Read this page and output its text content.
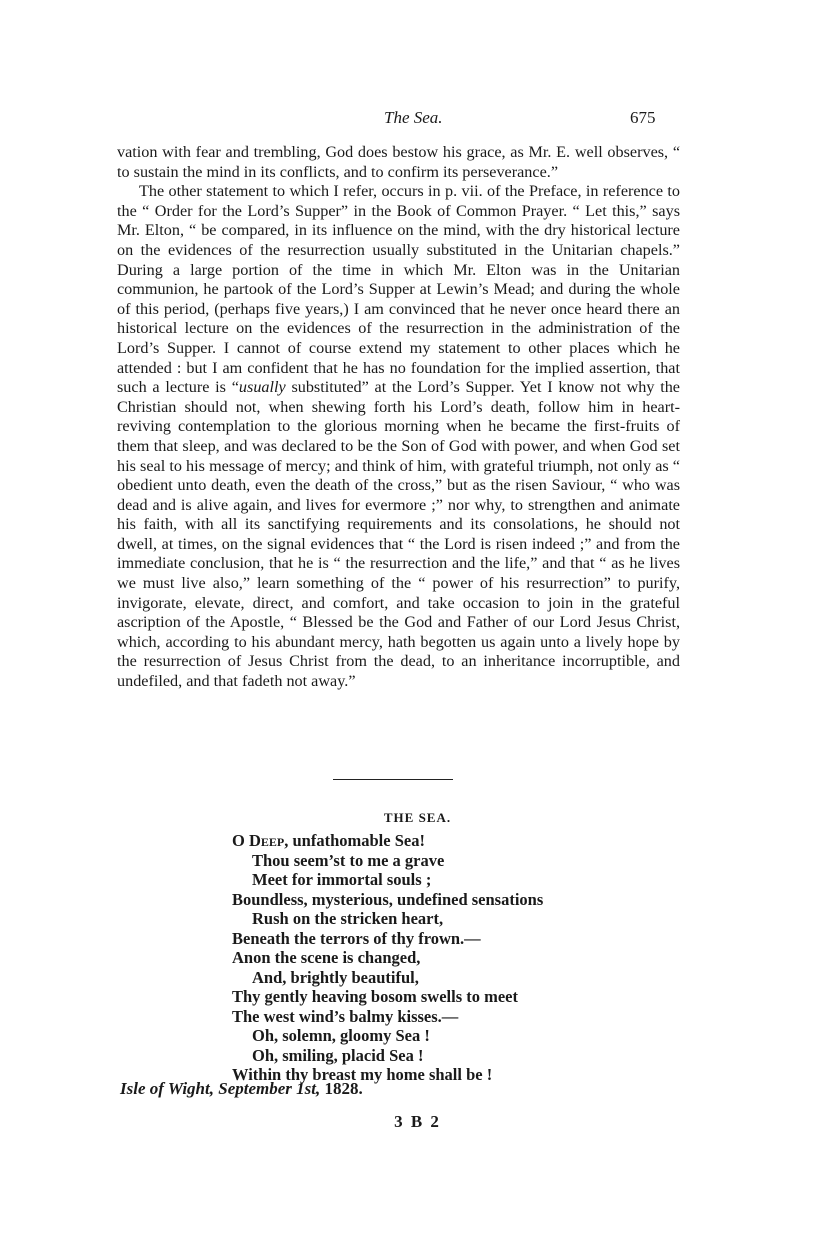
The Sea.	675

vation with fear and trembling, God does bestow his grace, as Mr. E. well observes, “ to sustain the mind in its conflicts, and to confirm its perseverance.”

The other statement to which I refer, occurs in p. vii. of the Preface, in reference to the “ Order for the Lord’s Supper” in the Book of Common Prayer. “ Let this,” says Mr. Elton, “ be compared, in its influence on the mind, with the dry historical lecture on the evidences of the resurrection usually substituted in the Unitarian chapels.” During a large portion of the time in which Mr. Elton was in the Unitarian communion, he partook of the Lord’s Supper at Lewin’s Mead; and during the whole of this period, (perhaps five years,) I am convinced that he never once heard there an historical lecture on the evidences of the resurrection in the administration of the Lord’s Supper. I cannot of course extend my statement to other places which he attended : but I am confident that he has no foundation for the implied assertion, that such a lecture is “usually substituted” at the Lord’s Supper. Yet I know not why the Christian should not, when shewing forth his Lord’s death, follow him in heart-reviving contemplation to the glorious morning when he became the first-fruits of them that sleep, and was declared to be the Son of God with power, and when God set his seal to his message of mercy; and think of him, with grateful triumph, not only as “ obedient unto death, even the death of the cross,” but as the risen Saviour, “ who was dead and is alive again, and lives for evermore ;” nor why, to strengthen and animate his faith, with all its sanctifying requirements and its consolations, he should not dwell, at times, on the signal evidences that “ the Lord is risen indeed ;” and from the immediate conclusion, that he is “ the resurrection and the life,” and that “ as he lives we must live also,” learn something of the “ power of his resurrection” to purify, invigorate, elevate, direct, and comfort, and take occasion to join in the grateful ascription of the Apostle, “ Blessed be the God and Father of our Lord Jesus Christ, which, according to his abundant mercy, hath begotten us again unto a lively hope by the resurrection of Jesus Christ from the dead, to an inheritance incorruptible, and undefiled, and that fadeth not away.”

THE SEA.
O Deep, unfathomable Sea!
Thou seem’st to me a grave
Meet for immortal souls ;
Boundless, mysterious, undefined sensations
Rush on the stricken heart,
Beneath the terrors of thy frown.—
Anon the scene is changed,
And, brightly beautiful,
Thy gently heaving bosom swells to meet
The west wind’s balmy kisses.—
Oh, solemn, gloomy Sea !
Oh, smiling, placid Sea !
Within thy breast my home shall be !
Isle of Wight, September 1st, 1828.
3 B 2
